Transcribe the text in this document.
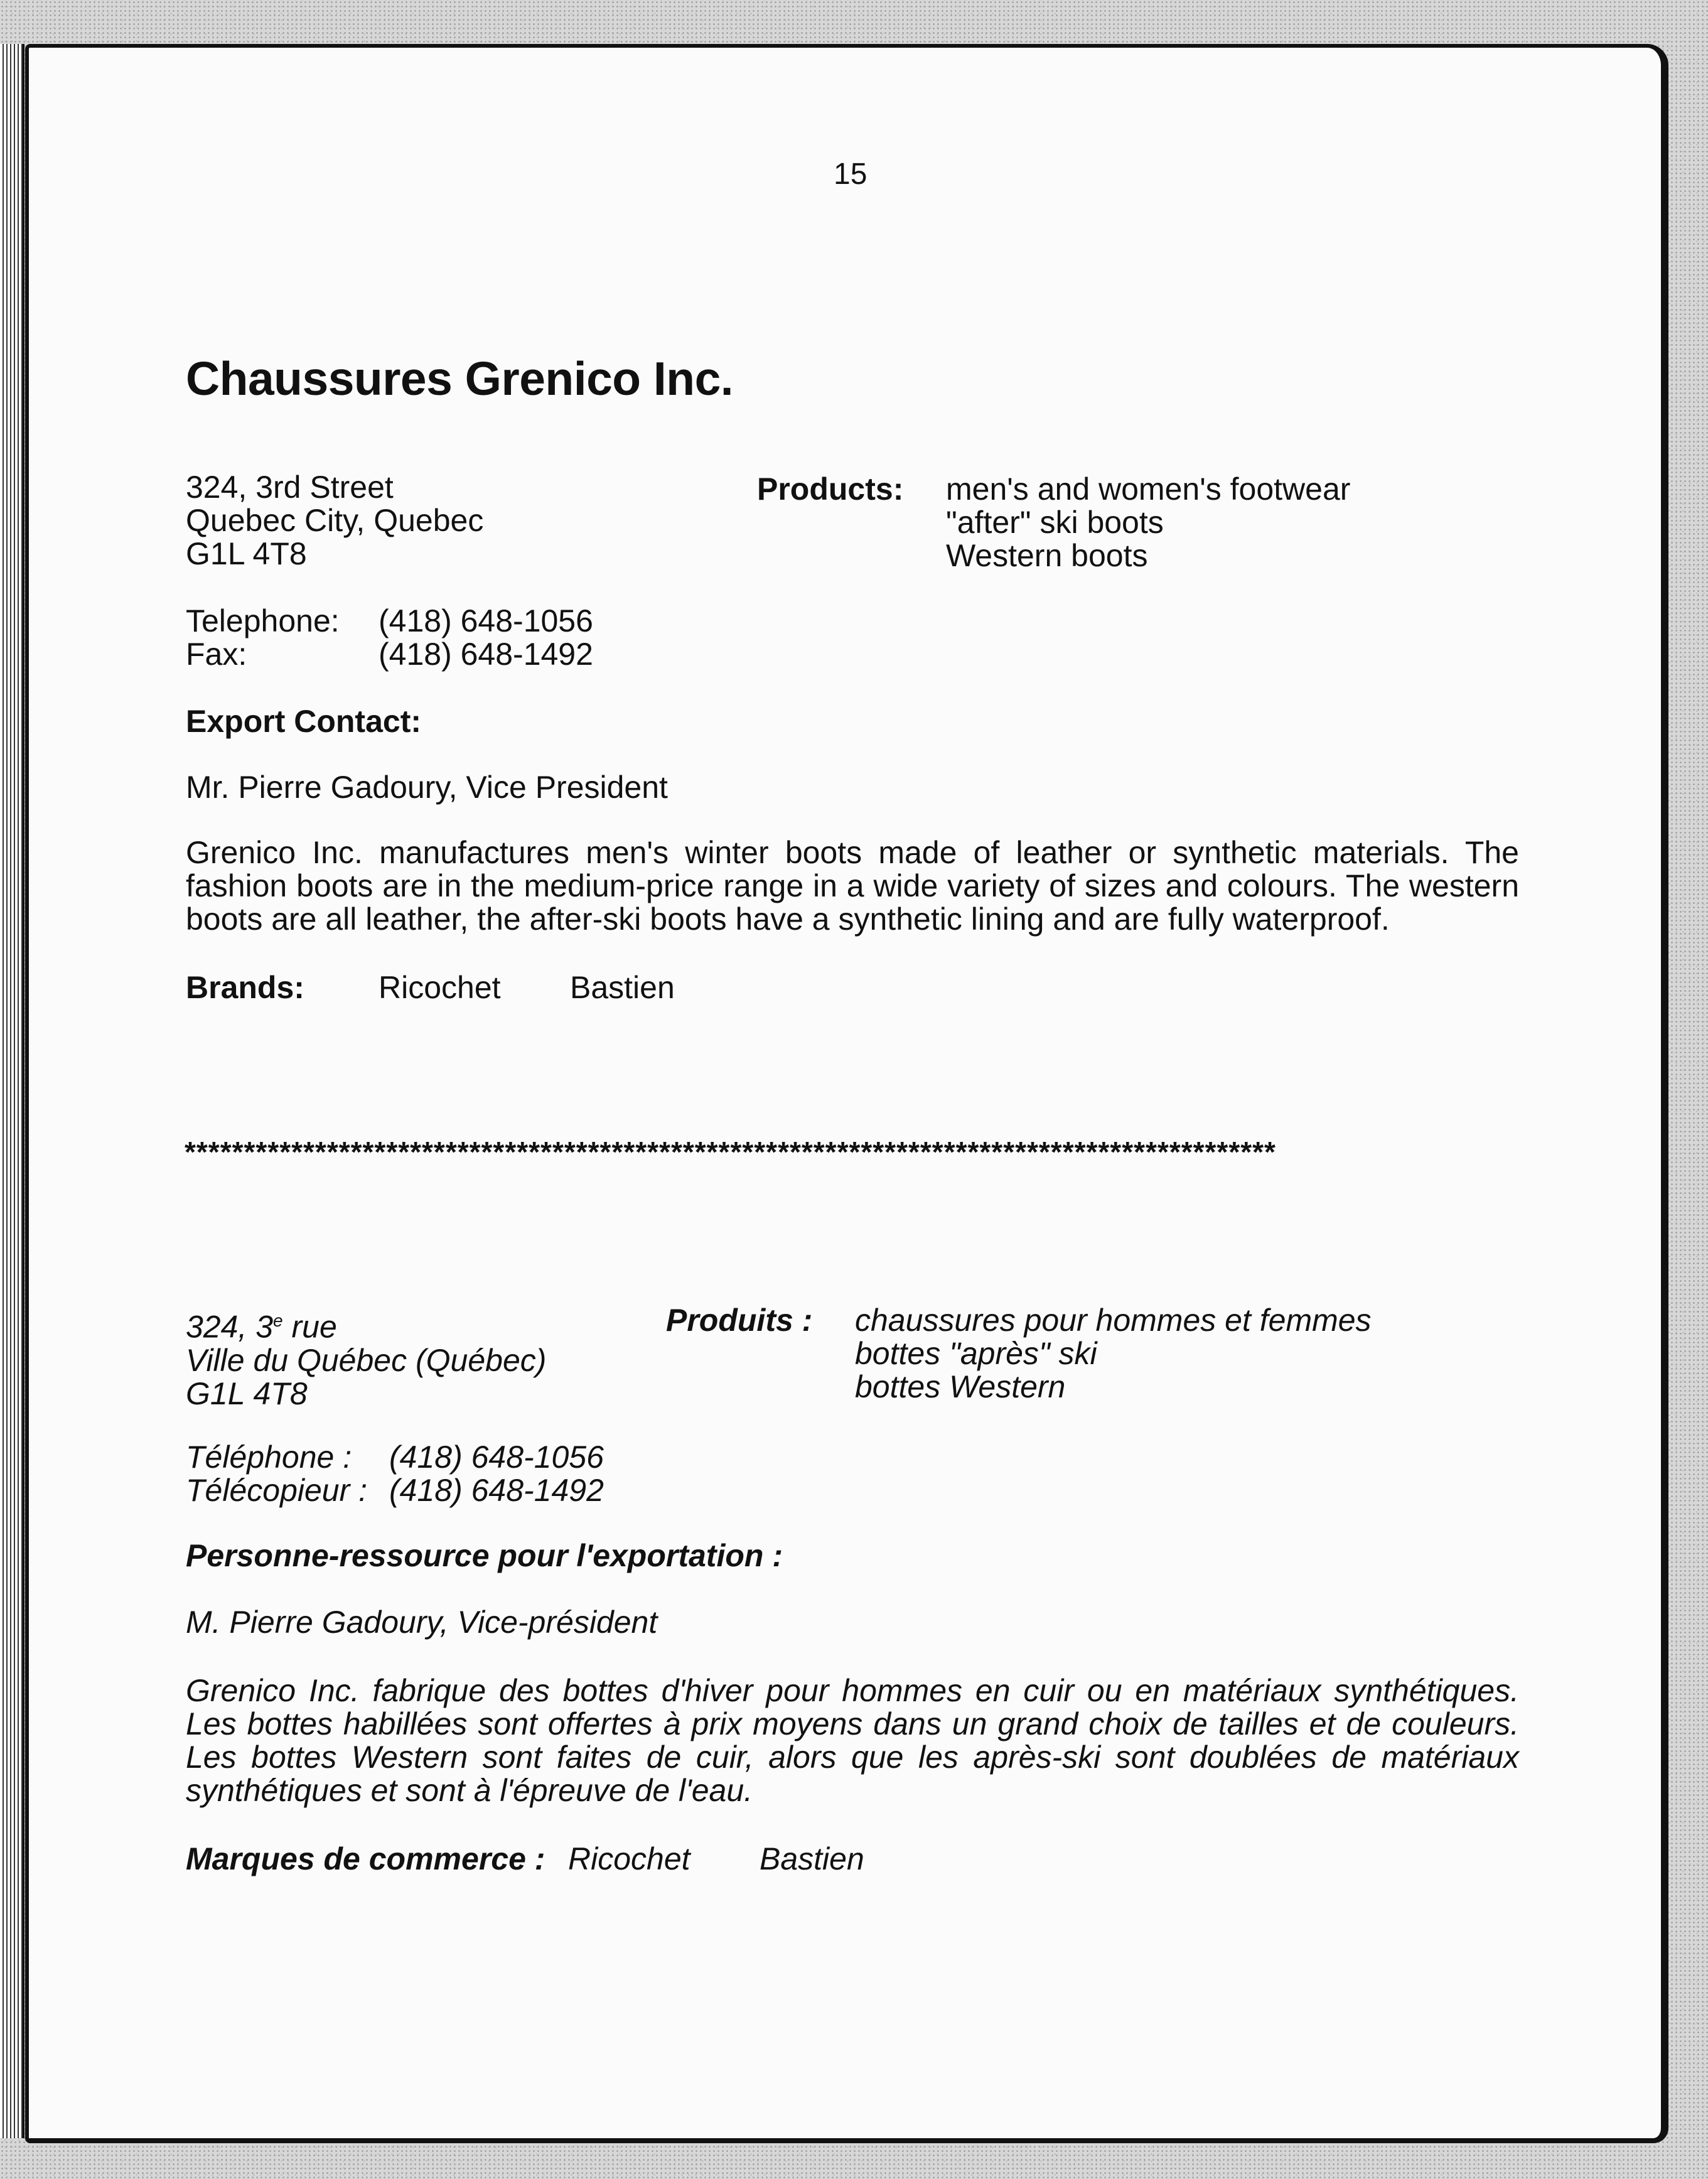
15

Chaussures Grenico Inc.
324, 3rd Street
Quebec City, Quebec
G1L 4T8
Products: men's and women's footwear
"after" ski boots
Western boots
Telephone: (418) 648-1056
Fax:	(418) 648-1492
Export Contact:
Mr. Pierre Gadoury, Vice President

Grenico Inc. manufactures men's winter boots made of leather or synthetic materials. The fashion boots are in the medium-price range in a wide variety of sizes and colours. The western boots are all leather, the after-ski boots have a synthetic lining and are fully waterproof.

Brands: Ricochet Bastien
********************************************************************************************
324, 3e rue
Ville du Québec (Québec)
G1L 4T8
Produits : chaussures pour hommes et femmes
bottes "après" ski
bottes Western
Téléphone : (418) 648-1056
Télécopieur : (418) 648-1492
Personne-ressource pour l'exportation :
M. Pierre Gadoury, Vice-président

Grenico Inc. fabrique des bottes d'hiver pour hommes en cuir ou en matériaux synthétiques. Les bottes habillées sont offertes à prix moyens dans un grand choix de tailles et de couleurs. Les bottes Western sont faites de cuir, alors que les après-ski sont doublées de matériaux synthétiques et sont à l'épreuve de l'eau.

Marques de commerce : Ricochet Bastien
